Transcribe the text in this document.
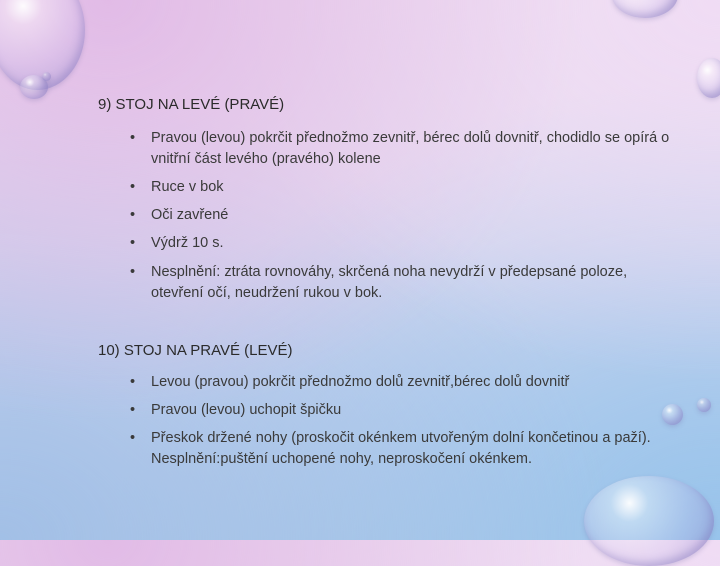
9) STOJ NA LEVÉ (PRAVÉ)

•	Pravou (levou) pokrčit přednožmo zevnitř, bérec dolů dovnitř, chodidlo se opírá o vnitřní část levého (pravého) kolene
•	Ruce v bok
•	Oči zavřené
•	Výdrž 10 s.
•	Nesplnění: ztráta rovnováhy, skrčená noha nevydrží v předepsané poloze, otevření očí, neudržení rukou v bok.

10) STOJ NA PRAVÉ (LEVÉ)

•	Levou (pravou) pokrčit přednožmo dolů zevnitř,bérec dolů dovnitř
•	Pravou (levou) uchopit špičku
•	Přeskok držené nohy (proskočit okénkem utvořeným dolní končetinou a paží). Nesplnění:puštění uchopené nohy, neproskočení okénkem.
